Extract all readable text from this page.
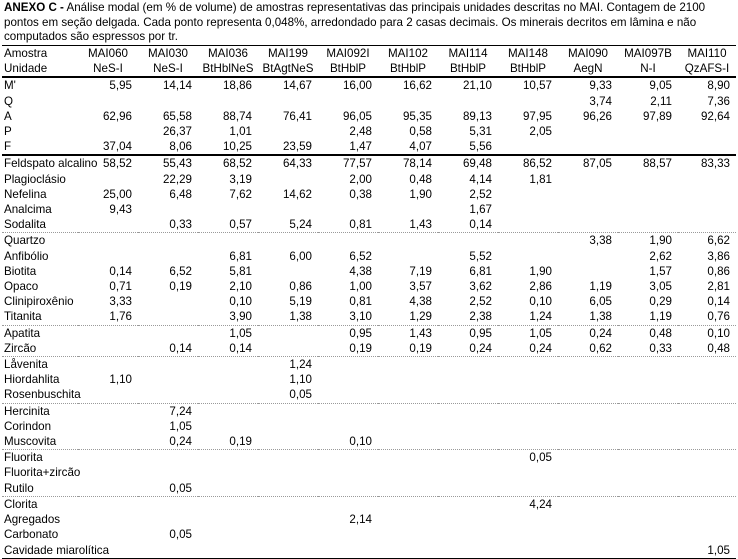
ANEXO C - Análise modal (em % de volume) de amostras representativas das principais unidades descritas no MAI. Contagem de 2100 pontos em seção delgada. Cada ponto representa 0,048%, arredondado para 2 casas decimais. Os minerais decritos em lâmina e não computados são espressos por tr.
Amostra	MAI060	MAI030	MAI036	MAI199	MAI092I	MAI102	MAI114	MAI148	MAI090	MAI097B	MAI110
Unidade	NeS-I	NeS-I	BtHblNeS	BtAgtNeS	BtHblP	BtHblP	BtHblP	BtHblP	AegN	N-I	QzAFS-I
M'	5,95	14,14	18,86	14,67	16,00	16,62	21,10	10,57	9,33	9,05	8,90
Q									3,74	2,11	7,36
A	62,96	65,58	88,74	76,41	96,05	95,35	89,13	97,95	96,26	97,89	92,64
P		26,37	1,01		2,48	0,58	5,31	2,05			
F	37,04	8,06	10,25	23,59	1,47	4,07	5,56				
Feldspato alcalino	58,52	55,43	68,52	64,33	77,57	78,14	69,48	86,52	87,05	88,57	83,33
Plagioclásio		22,29	3,19		2,00	0,48	4,14	1,81			
Nefelina	25,00	6,48	7,62	14,62	0,38	1,90	2,52				
Analcima	9,43						1,67				
Sodalita		0,33	0,57	5,24	0,81	1,43	0,14				
Quartzo									3,38	1,90	6,62
Anfibólio			6,81	6,00	6,52		5,52			2,62	3,86
Biotita	0,14	6,52	5,81		4,38	7,19	6,81	1,90		1,57	0,86
Opaco	0,71	0,19	2,10	0,86	1,00	3,57	3,62	2,86	1,19	3,05	2,81
Clinipiroxênio	3,33		0,10	5,19	0,81	4,38	2,52	0,10	6,05	0,29	0,14
Titanita	1,76		3,90	1,38	3,10	1,29	2,38	1,24	1,38	1,19	0,76
Apatita			1,05		0,95	1,43	0,95	1,05	0,24	0,48	0,10
Zircão		0,14	0,14		0,19	0,19	0,24	0,24	0,62	0,33	0,48
Låvenita				1,24							
Hiordahlita	1,10			1,10							
Rosenbuschita				0,05							
Hercinita		7,24									
Corindon		1,05									
Muscovita		0,24	0,19		0,10						
Fluorita								0,05			
Fluorita+zircão											
Rutilo		0,05									
Clorita								4,24			
Agregados					2,14						
Carbonato		0,05									
Cavidade miarolítica											1,05
